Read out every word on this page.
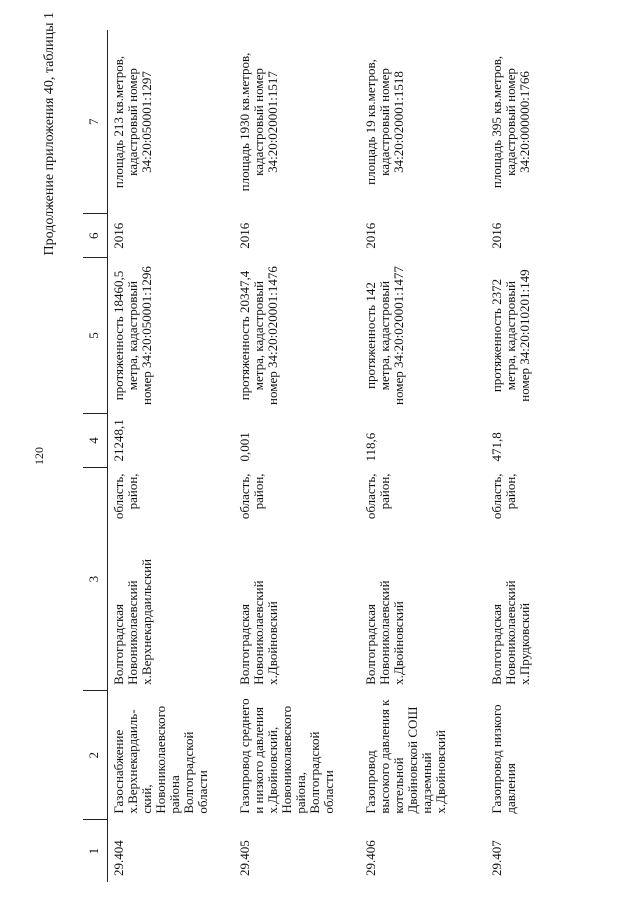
120
Продолжение приложения 40, таблицы 1
1	2	3	4	5	6	7
29.404	Газоснабжение х.Верхнекардаиль-ский, Новониколаевского района Волгоградской области	Волгоградская область, Новониколаевский район, х.Верхнекардаильский	21248,1	протяженность 18460,5 метра, кадастровый номер 34:20:050001:1296	2016	площадь 213 кв.метров, кадастровый номер 34:20:050001:1297
29.405	Газопровод среднего и низкого давления х.Двойновский, Новониколаевского района, Волгоградской области	Волгоградская область, Новониколаевский район, х.Двойновский	0,001	протяженность 20347,4 метра, кадастровый номер 34:20:020001:1476	2016	площадь 1930 кв.метров, кадастровый номер 34:20:020001:1517
29.406	Газопровод высокого давления к котельной Двойновской СОШ надземный х.Двойновский	Волгоградская область, Новониколаевский район, х.Двойновский	118,6	протяженность 142 метра, кадастровый номер 34:20:020001:1477	2016	площадь 19 кв.метров, кадастровый номер 34:20:020001:1518
29.407	Газопровод низкого давления	Волгоградская область, Новониколаевский район, х.Прудковский	471,8	протяженность 2372 метра, кадастровый номер 34:20:010201:149	2016	площадь 395 кв.метров, кадастровый номер 34:20:000000:1766
